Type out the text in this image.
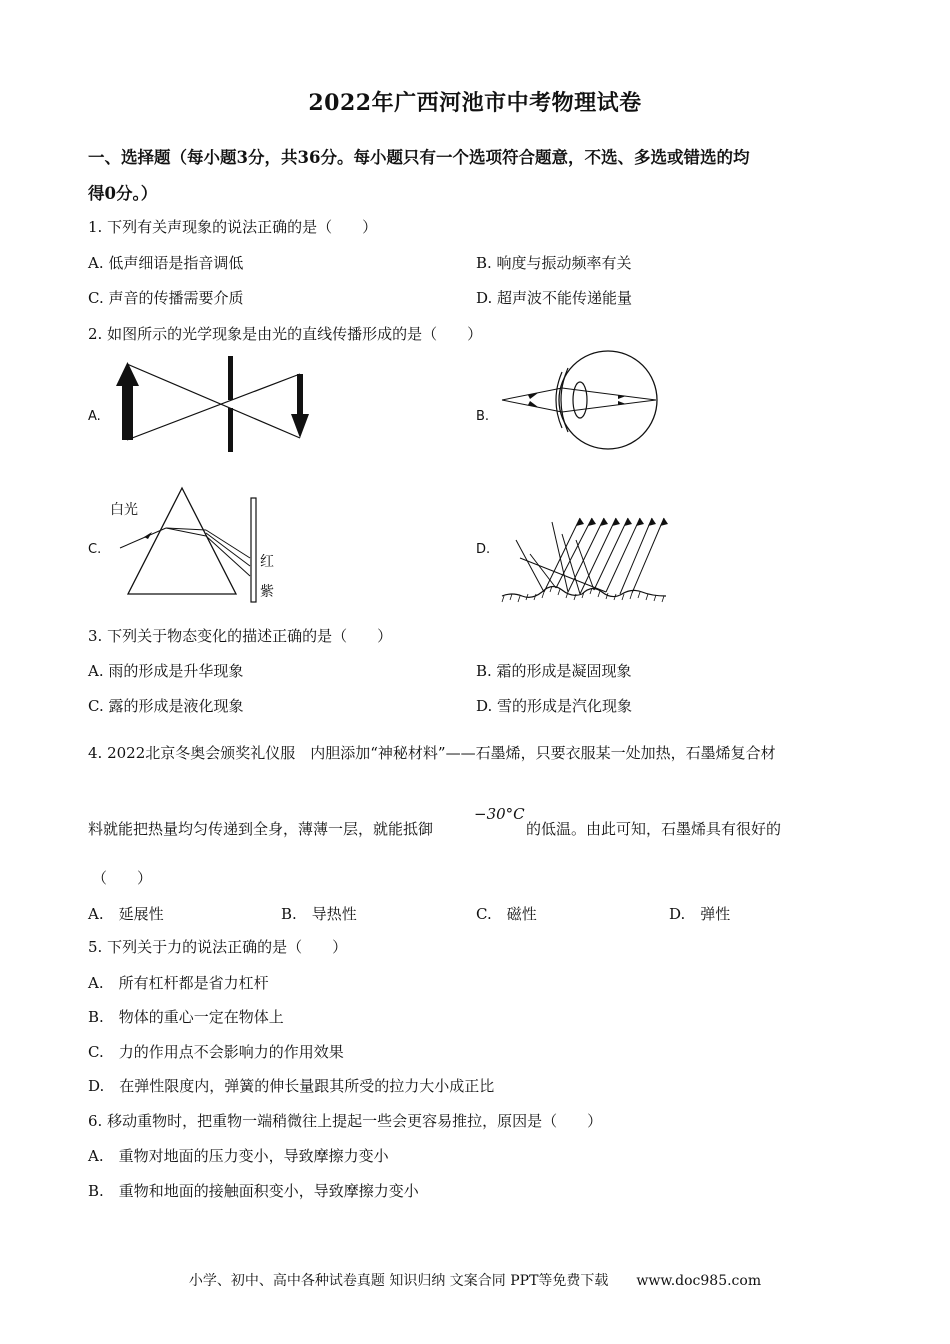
2022年广西河池市中考物理试卷
一、选择题（每小题3分，共36分。每小题只有一个选项符合题意，不选、多选或错选的均
得0分。）
1. 下列有关声现象的说法正确的是（　　）
A. 低声细语是指音调低	B. 响度与振动频率有关
C. 声音的传播需要介质	D. 超声波不能传递能量
2. 如图所示的光学现象是由光的直线传播形成的是（　　）
A.	B.
C.
白光
红
紫
D.
3. 下列关于物态变化的描述正确的是（　　）
A. 雨的形成是升华现象	B. 霜的形成是凝固现象
C. 露的形成是液化现象	D. 雪的形成是汽化现象
4. 2022北京冬奥会颁奖礼仪服　内胆添加“神秘材料”——石墨烯，只要衣服某一处加热，石墨烯复合材
料就能把热量均匀传递到全身，薄薄一层，就能抵御
−30°C
的低温。由此可知，石墨烯具有很好的
（　　）
A.　延展性	B.　导热性	C.　磁性	D.　弹性
5. 下列关于力的说法正确的是（　　）
A.　所有杠杆都是省力杠杆
B.　物体的重心一定在物体上
C.　力的作用点不会影响力的作用效果
D.　在弹性限度内，弹簧的伸长量跟其所受的拉力大小成正比
6. 移动重物时，把重物一端稍微往上提起一些会更容易推拉，原因是（　　）
A.　重物对地面的压力变小，导致摩擦力变小
B.　重物和地面的接触面积变小，导致摩擦力变小
小学、初中、高中各种试卷真题 知识归纳 文案合同 PPT等免费下载　　www.doc985.com
